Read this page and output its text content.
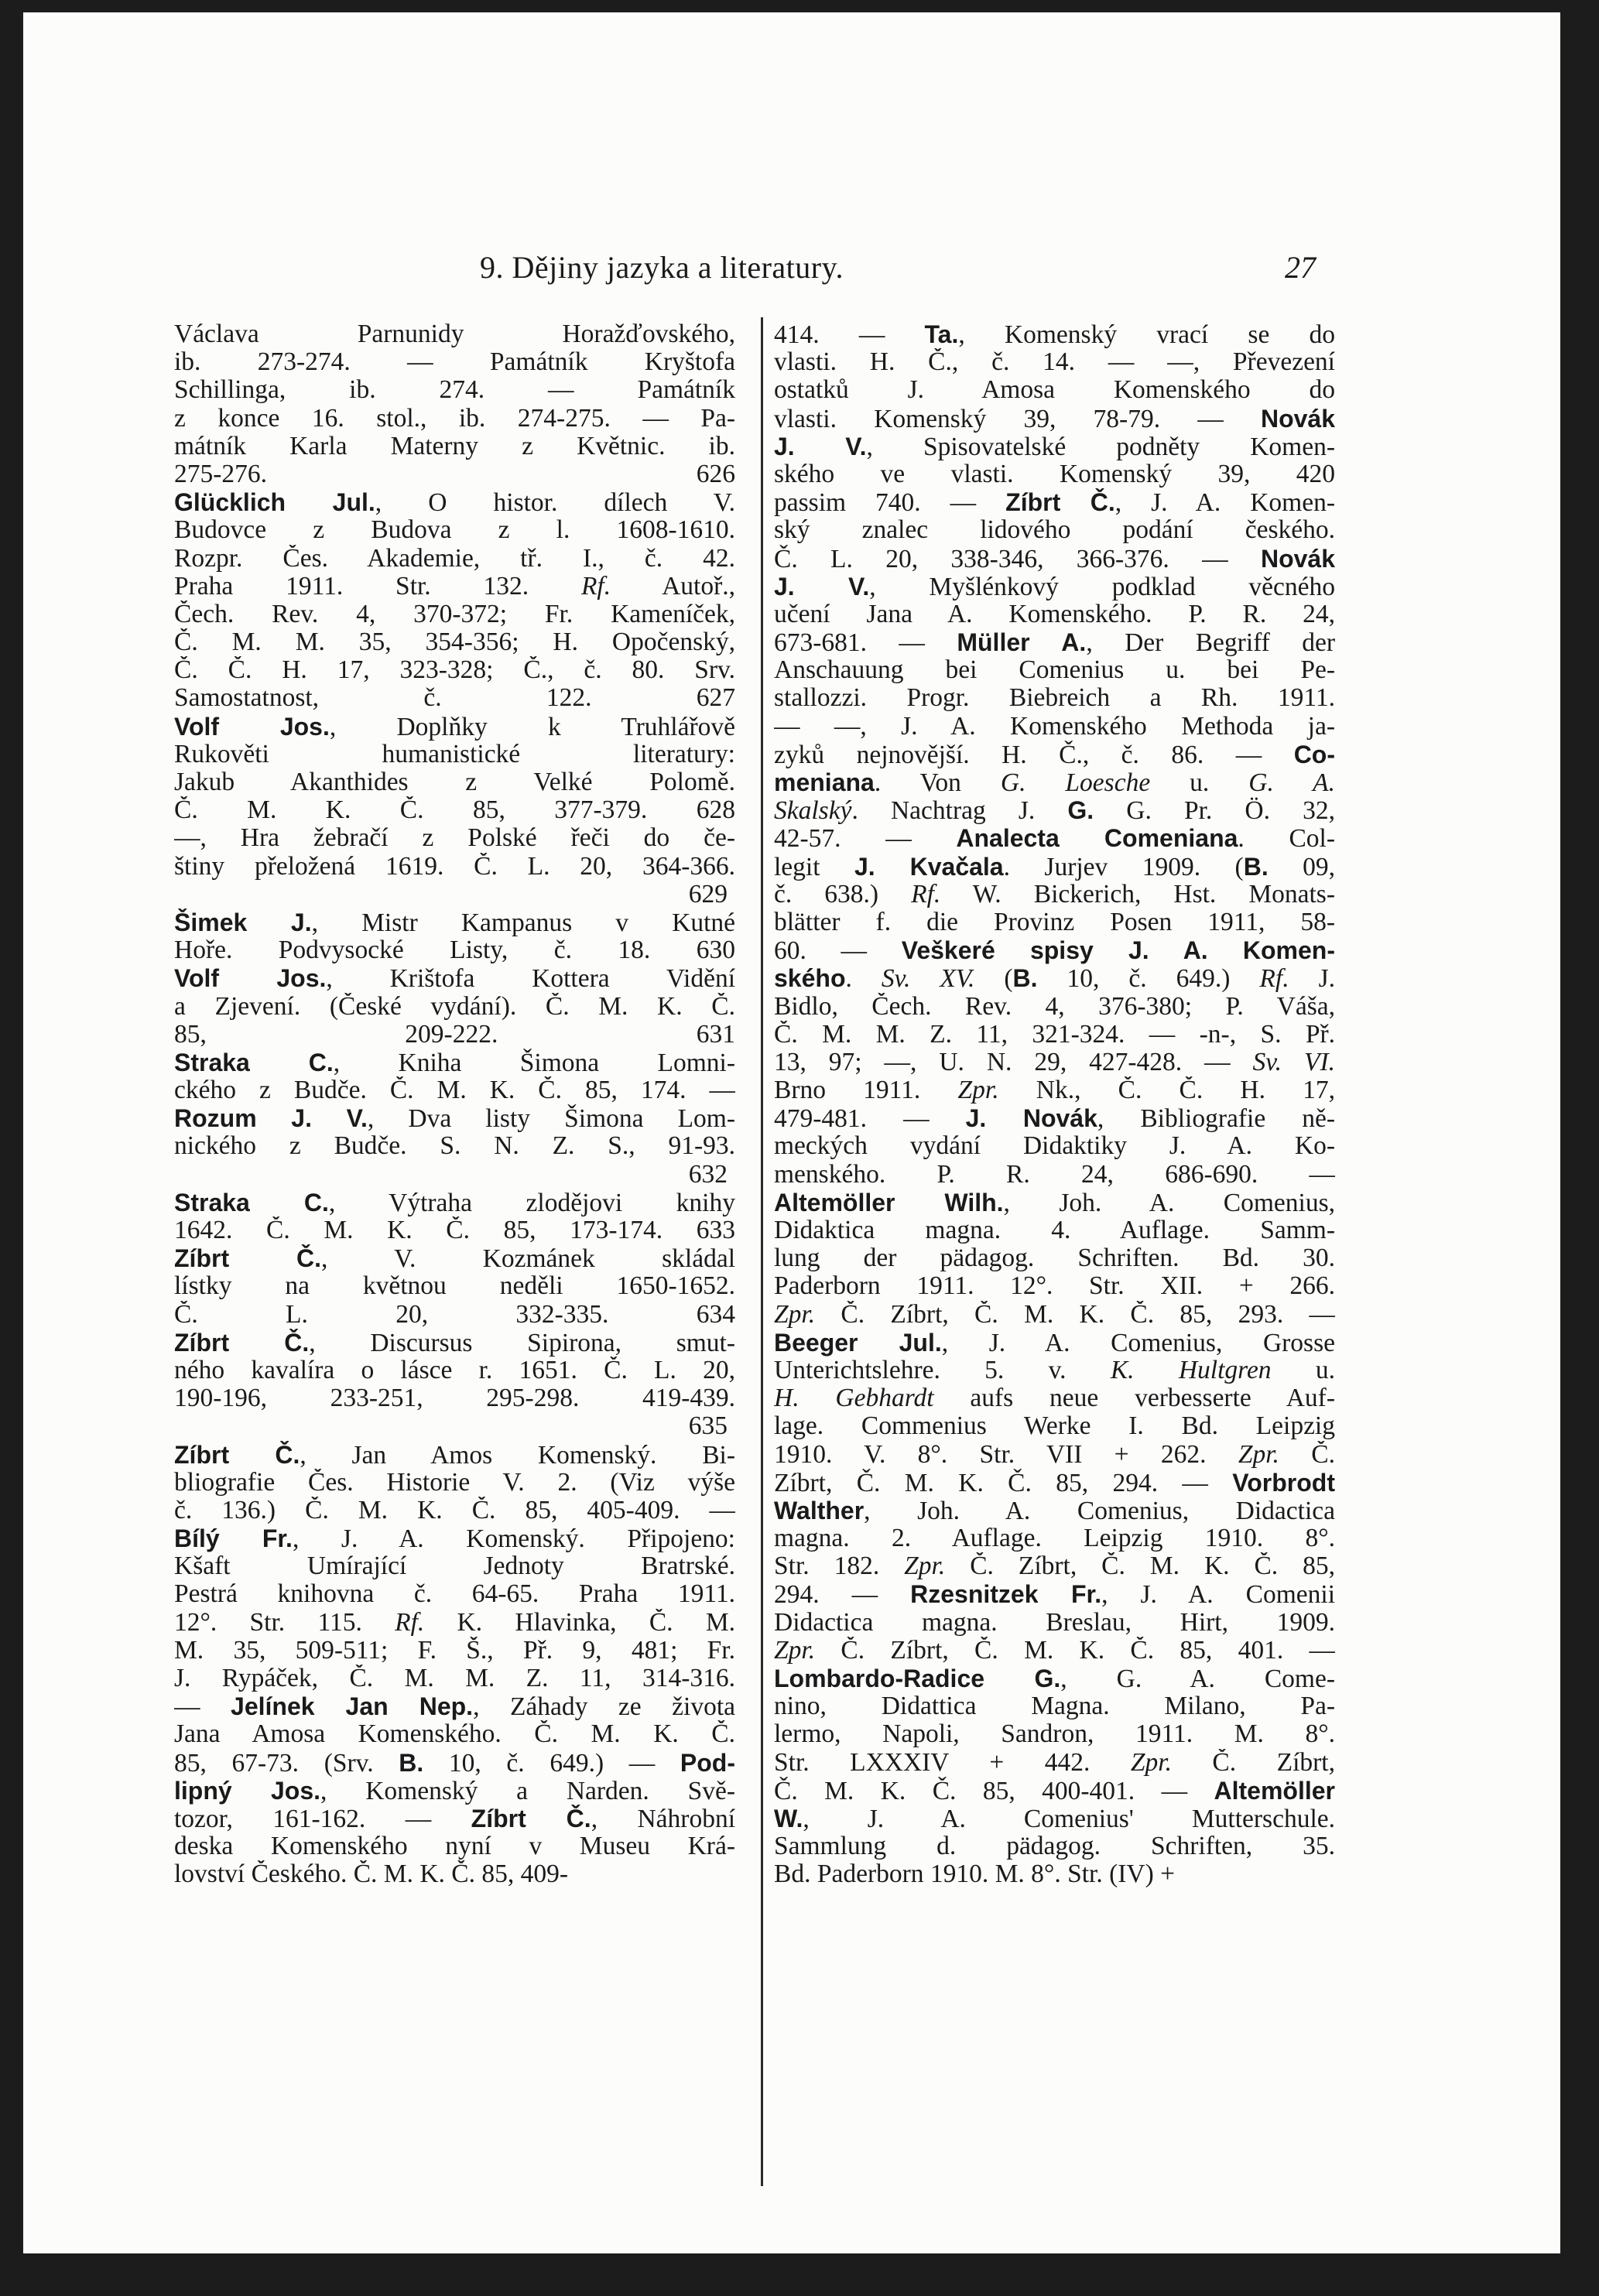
9. Dějiny jazyka a literatury.	27
Václava Parnunidy Horažďovského,
ib. 273-274. — Památník Kryštofa
Schillinga, ib. 274. — Památník
z konce 16. stol., ib. 274-275. — Pa-
mátník Karla Materny z Květnic. ib.
275-276. 626
Glücklich Jul., O histor. dílech V.
Budovce z Budova z l. 1608-1610.
Rozpr. Čes. Akademie, tř. I., č. 42.
Praha 1911. Str. 132. Rf. Autoř.,
Čech. Rev. 4, 370-372; Fr. Kameníček,
Č. M. M. 35, 354-356; H. Opočenský,
Č. Č. H. 17, 323-328; Č., č. 80. Srv.
Samostatnost, č. 122. 627
Volf Jos., Doplňky k Truhlářově
Rukověti humanistické literatury:
Jakub Akanthides z Velké Polomě.
Č. M. K. Č. 85, 377-379. 628
—, Hra žebračí z Polské řeči do če-
štiny přeložená 1619. Č. L. 20, 364-366.
629
Šimek J., Mistr Kampanus v Kutné
Hoře. Podvysocké Listy, č. 18. 630
Volf Jos., Krištofa Kottera Vidění
a Zjevení. (České vydání). Č. M. K. Č.
85, 209-222. 631
Straka C., Kniha Šimona Lomni-
ckého z Budče. Č. M. K. Č. 85, 174. —
Rozum J. V., Dva listy Šimona Lom-
nického z Budče. S. N. Z. S., 91-93.
632
Straka C., Výtraha zlodějovi knihy
1642. Č. M. K. Č. 85, 173-174. 633
Zíbrt Č., V. Kozmánek skládal
lístky na květnou neděli 1650-1652.
Č. L. 20, 332-335. 634
Zíbrt Č., Discursus Sipirona, smut-
ného kavalíra o lásce r. 1651. Č. L. 20,
190-196, 233-251, 295-298. 419-439.
635
Zíbrt Č., Jan Amos Komenský. Bi-
bliografie Čes. Historie V. 2. (Viz výše
č. 136.) Č. M. K. Č. 85, 405-409. —
Bílý Fr., J. A. Komenský. Připojeno:
Kšaft Umírající Jednoty Bratrské.
Pestrá knihovna č. 64-65. Praha 1911.
12°. Str. 115. Rf. K. Hlavinka, Č. M.
M. 35, 509-511; F. Š., Př. 9, 481; Fr.
J. Rypáček, Č. M. M. Z. 11, 314-316.
— Jelínek Jan Nep., Záhady ze života
Jana Amosa Komenského. Č. M. K. Č.
85, 67-73. (Srv. B. 10, č. 649.) — Pod-
lipný Jos., Komenský a Narden. Svě-
tozor, 161-162. — Zíbrt Č., Náhrobní
deska Komenského nyní v Museu Krá-
lovství Českého. Č. M. K. Č. 85, 409-
414. — Ta., Komenský vrací se do
vlasti. H. Č., č. 14. — —, Převezení
ostatků J. Amosa Komenského do
vlasti. Komenský 39, 78-79. — Novák
J. V., Spisovatelské podněty Komen-
ského ve vlasti. Komenský 39, 420
passim 740. — Zíbrt Č., J. A. Komen-
ský znalec lidového podání českého.
Č. L. 20, 338-346, 366-376. — Novák
J. V., Myšlénkový podklad věcného
učení Jana A. Komenského. P. R. 24,
673-681. — Müller A., Der Begriff der
Anschauung bei Comenius u. bei Pe-
stallozzi. Progr. Biebreich a Rh. 1911.
— —, J. A. Komenského Methoda ja-
zyků nejnovější. H. Č., č. 86. — Co-
meniana. Von G. Loesche u. G. A.
Skalský. Nachtrag J. G. G. Pr. Ö. 32,
42-57. — Analecta Comeniana. Col-
legit J. Kvačala. Jurjev 1909. (B. 09,
č. 638.) Rf. W. Bickerich, Hst. Monats-
blätter f. die Provinz Posen 1911, 58-
60. — Veškeré spisy J. A. Komen-
ského. Sv. XV. (B. 10, č. 649.) Rf. J.
Bidlo, Čech. Rev. 4, 376-380; P. Váša,
Č. M. M. Z. 11, 321-324. — -n-, S. Př.
13, 97; —, U. N. 29, 427-428. — Sv. VI.
Brno 1911. Zpr. Nk., Č. Č. H. 17,
479-481. — J. Novák, Bibliografie ně-
meckých vydání Didaktiky J. A. Ko-
menského. P. R. 24, 686-690. —
Altemöller Wilh., Joh. A. Comenius,
Didaktica magna. 4. Auflage. Samm-
lung der pädagog. Schriften. Bd. 30.
Paderborn 1911. 12°. Str. XII. + 266.
Zpr. Č. Zíbrt, Č. M. K. Č. 85, 293. —
Beeger Jul., J. A. Comenius, Grosse
Unterichtslehre. 5. v. K. Hultgren u.
H. Gebhardt aufs neue verbesserte Auf-
lage. Commenius Werke I. Bd. Leipzig
1910. V. 8°. Str. VII + 262. Zpr. Č.
Zíbrt, Č. M. K. Č. 85, 294. — Vorbrodt
Walther, Joh. A. Comenius, Didactica
magna. 2. Auflage. Leipzig 1910. 8°.
Str. 182. Zpr. Č. Zíbrt, Č. M. K. Č. 85,
294. — Rzesnitzek Fr., J. A. Comenii
Didactica magna. Breslau, Hirt, 1909.
Zpr. Č. Zíbrt, Č. M. K. Č. 85, 401. —
Lombardo-Radice G., G. A. Come-
nino, Didattica Magna. Milano, Pa-
lermo, Napoli, Sandron, 1911. M. 8°.
Str. LXXXIV + 442. Zpr. Č. Zíbrt,
Č. M. K. Č. 85, 400-401. — Altemöller
W., J. A. Comenius' Mutterschule.
Sammlung d. pädagog. Schriften, 35.
Bd. Paderborn 1910. M. 8°. Str. (IV) +
